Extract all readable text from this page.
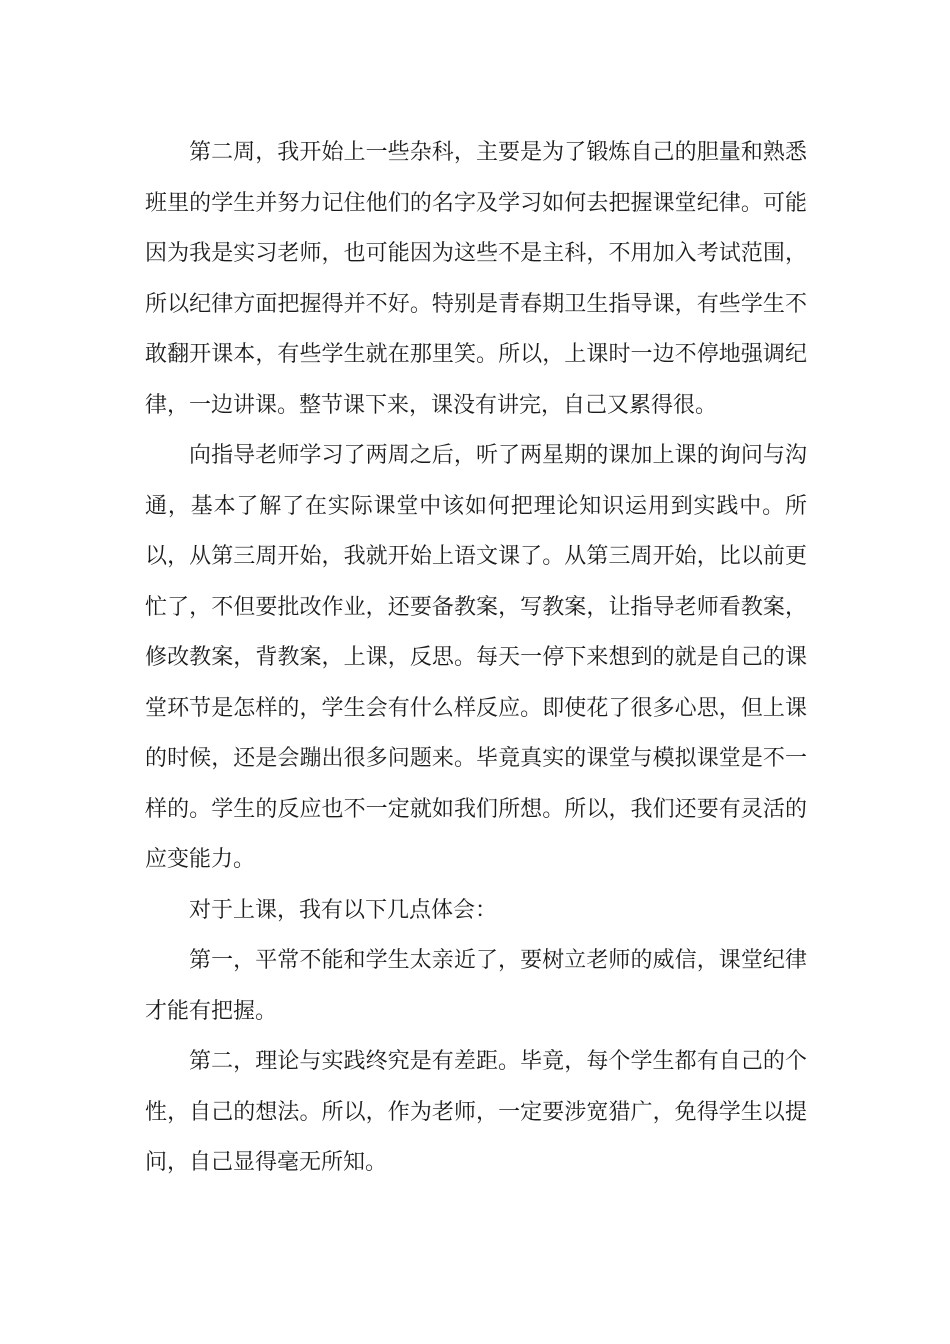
第二周，我开始上一些杂科，主要是为了锻炼自己的胆量和熟悉班里的学生并努力记住他们的名字及学习如何去把握课堂纪律。可能因为我是实习老师，也可能因为这些不是主科，不用加入考试范围，所以纪律方面把握得并不好。特别是青春期卫生指导课，有些学生不敢翻开课本，有些学生就在那里笑。所以，上课时一边不停地强调纪律，一边讲课。整节课下来，课没有讲完，自己又累得很。

向指导老师学习了两周之后，听了两星期的课加上课的询问与沟通，基本了解了在实际课堂中该如何把理论知识运用到实践中。所以，从第三周开始，我就开始上语文课了。从第三周开始，比以前更忙了，不但要批改作业，还要备教案，写教案，让指导老师看教案，修改教案，背教案，上课，反思。每天一停下来想到的就是自己的课堂环节是怎样的，学生会有什么样反应。即使花了很多心思，但上课的时候，还是会蹦出很多问题来。毕竟真实的课堂与模拟课堂是不一样的。学生的反应也不一定就如我们所想。所以，我们还要有灵活的应变能力。

对于上课，我有以下几点体会：

第一，平常不能和学生太亲近了，要树立老师的威信，课堂纪律才能有把握。

第二，理论与实践终究是有差距。毕竟，每个学生都有自己的个性，自己的想法。所以，作为老师，一定要涉宽猎广，免得学生以提问，自己显得毫无所知。
